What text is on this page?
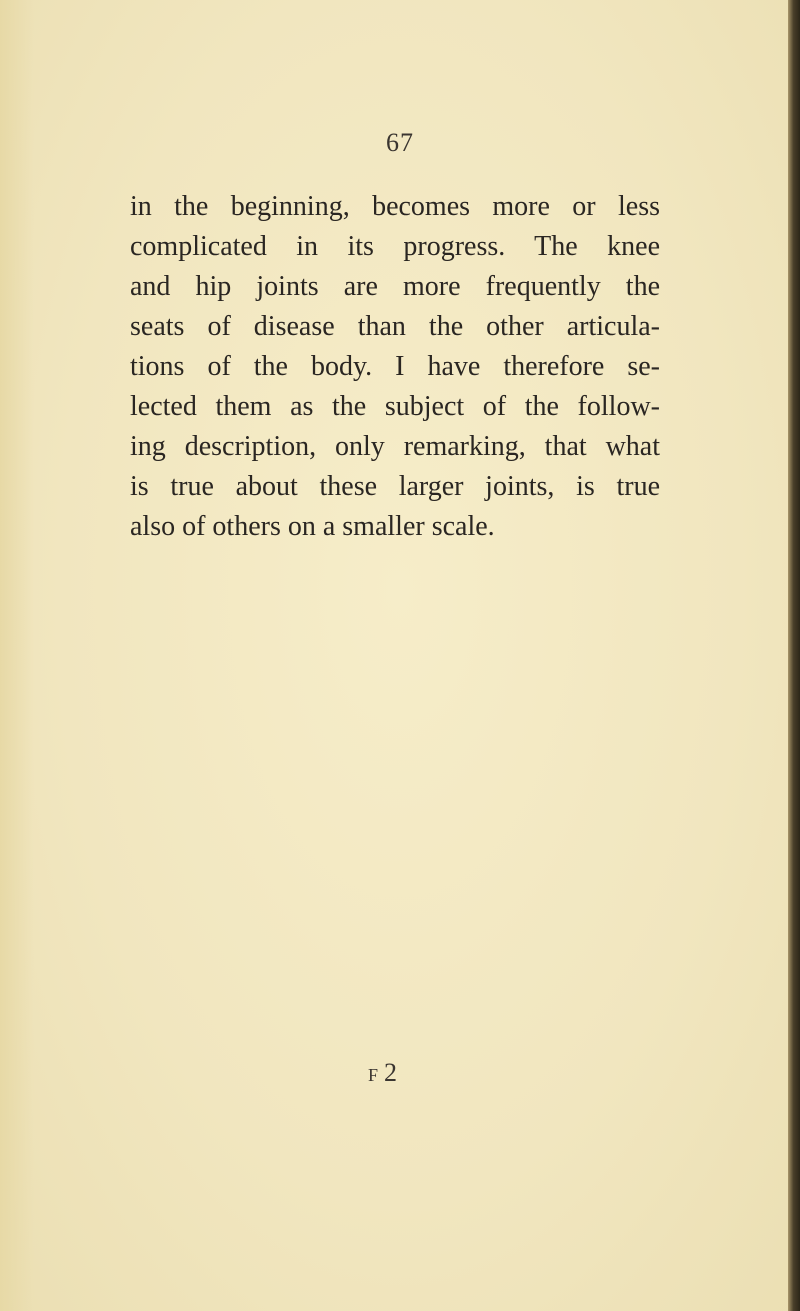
67
in the beginning, becomes more or less
complicated in its progress. The knee
and hip joints are more frequently the
seats of disease than the other articula-
tions of the body. I have therefore se-
lected them as the subject of the follow-
ing description, only remarking, that what
is true about these larger joints, is true
also of others on a smaller scale.
F2
